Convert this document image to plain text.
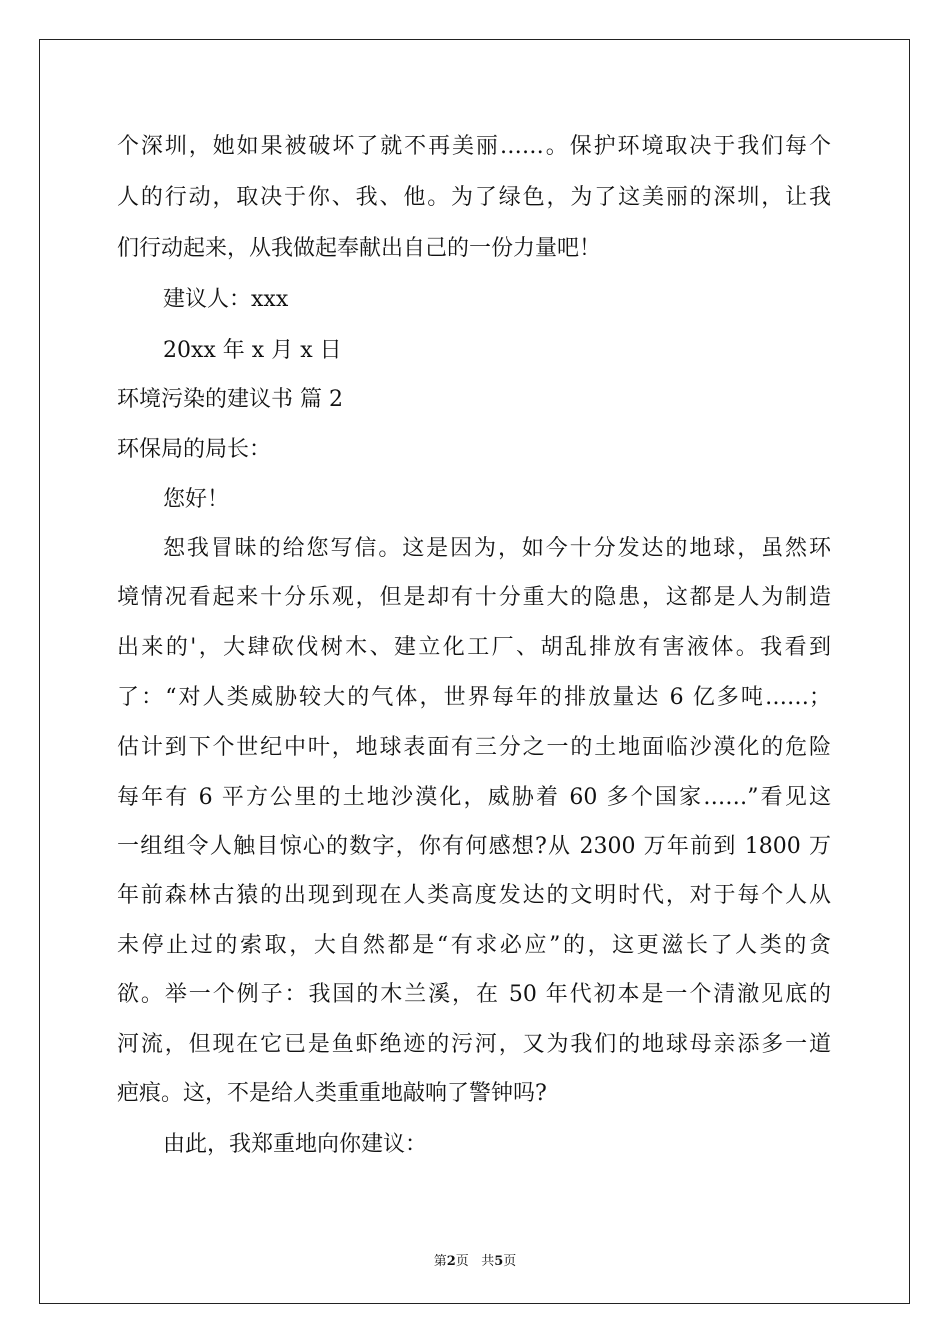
个深圳，她如果被破坏了就不再美丽……。保护环境取决于我们每个
人的行动，取决于你、我、他。为了绿色，为了这美丽的深圳，让我
们行动起来，从我做起奉献出自己的一份力量吧！
建议人：xxx
20xx 年 x 月 x 日
环境污染的建议书 篇 2
环保局的局长：
您好！
恕我冒昧的给您写信。这是因为，如今十分发达的地球，虽然环
境情况看起来十分乐观，但是却有十分重大的隐患，这都是人为制造
出来的'，大肆砍伐树木、建立化工厂、胡乱排放有害液体。我看到
了：“对人类威胁较大的气体，世界每年的排放量达 6 亿多吨……；
估计到下个世纪中叶，地球表面有三分之一的土地面临沙漠化的危险
每年有 6 平方公里的土地沙漠化，威胁着 60 多个国家……”看见这
一组组令人触目惊心的数字，你有何感想?从 2300 万年前到 1800 万
年前森林古猿的出现到现在人类高度发达的文明时代，对于每个人从
未停止过的索取，大自然都是“有求必应”的，这更滋长了人类的贪
欲。举一个例子：我国的木兰溪，在 50 年代初本是一个清澈见底的
河流，但现在它已是鱼虾绝迹的污河，又为我们的地球母亲添多一道
疤痕。这，不是给人类重重地敲响了警钟吗?
由此，我郑重地向你建议：
第2页   共5页
